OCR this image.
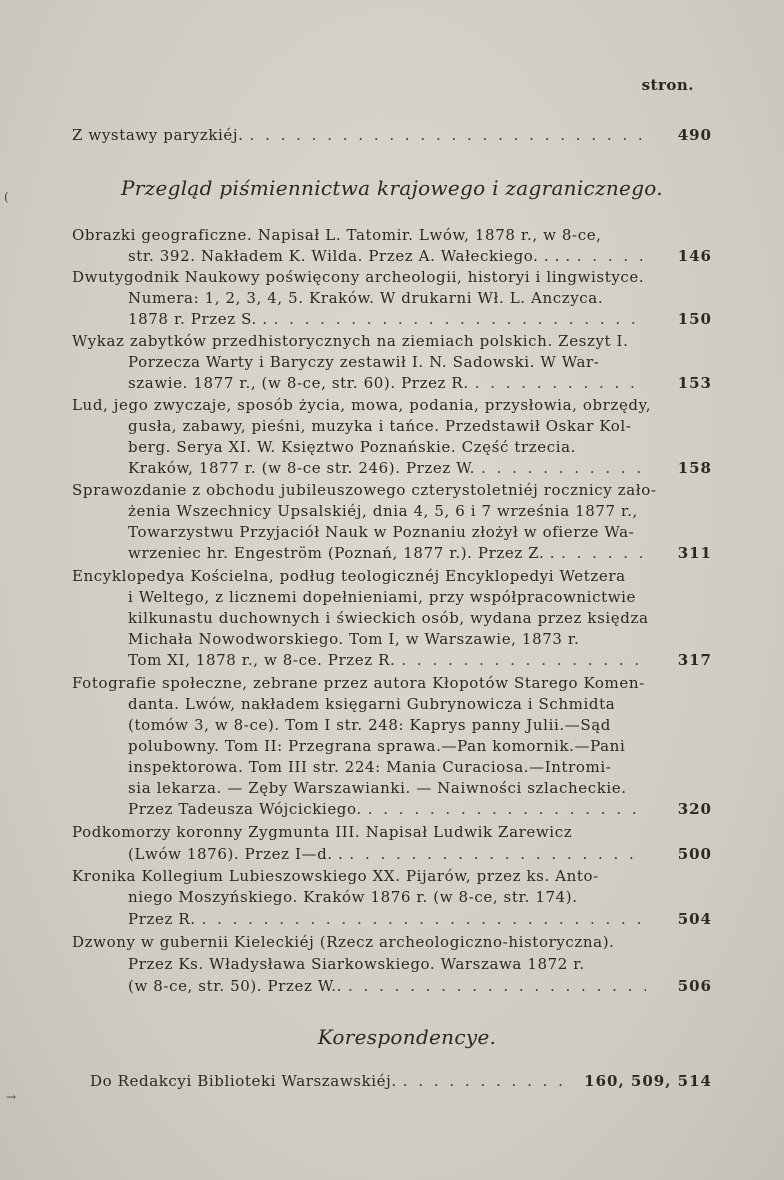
stron.
Z wystawy paryzkiéj. . . .	490
Przegląd piśmiennictwa krajowego i zagranicznego.
Obrazki geograficzne. Napisał L. Tatomir. Lwów, 1878 r., w 8-ce,
str. 392. Nakładem K. Wilda. Przez A. Wałeckiego. . . . . . .	146
Dwutygodnik Naukowy poświęcony archeologii, historyi i lingwistyce.
Numera: 1, 2, 3, 4, 5. Kraków. W drukarni Wł. L. Anczyca.
1878 r. Przez S. . . . .	150
Wykaz zabytków przedhistorycznych na ziemiach polskich. Zeszyt I.
Porzecza Warty i Baryczy zestawił I. N. Sadowski. W War-
szawie. 1877 r., (w 8-ce, str. 60). Przez R. . . .	153
Lud, jego zwyczaje, sposób życia, mowa, podania, przysłowia, obrzędy,
gusła, zabawy, pieśni, muzyka i tańce. Przedstawił Oskar Kol-
berg. Serya XI. W. Księztwo Poznańskie. Część trzecia.
Kraków, 1877 r. (w 8-ce str. 246). Przez W. . . .	158
Sprawozdanie z obchodu jubileuszowego czterystoletniéj rocznicy zało-
żenia Wszechnicy Upsalskiéj, dnia 4, 5, 6 i 7 września 1877 r.,
Towarzystwu Przyjaciół Nauk w Poznaniu złożył w ofierze Wa-
wrzeniec hr. Engeström (Poznań, 1877 r.). Przez Z. . . . .	311
Encyklopedya Kościelna, podług teologicznéj Encyklopedyi Wetzera
i Weltego, z licznemi dopełnieniami, przy współpracownictwie
kilkunastu duchownych i świeckich osób, wydana przez księdza
Michała Nowodworskiego. Tom I, w Warszawie, 1873 r.
Tom XI, 1878 r., w 8-ce. Przez R. . . .	317
Fotografie społeczne, zebrane przez autora Kłopotów Starego Komen-
danta. Lwów, nakładem księgarni Gubrynowicza i Schmidta
(tomów 3, w 8-ce). Tom I str. 248: Kaprys panny Julii.—Sąd
polubowny. Tom II: Przegrana sprawa.—Pan komornik.—Pani
inspektorowa. Tom III str. 224: Mania Curaciosa.—Intromi-
sia lekarza. — Zęby Warszawianki. — Naiwności szlacheckie.
Przez Tadeusza Wójcickiego. . . .	320
Podkomorzy koronny Zygmunta III. Napisał Ludwik Zarewicz
(Lwów 1876). Przez I—d. . . . .	500
Kronika Kollegium Lubieszowskiego XX. Pijarów, przez ks. Anto-
niego Moszyńskiego. Kraków 1876 r. (w 8-ce, str. 174).
Przez R. . . .	504
Dzwony w gubernii Kieleckiéj (Rzecz archeologiczno-historyczna).
Przez Ks. Władysława Siarkowskiego. Warszawa 1872 r.
(w 8-ce, str. 50). Przez W.. . . .	506
Korespondencye.
Do Redakcyi Biblioteki Warszawskiéj. . . .	160, 509, 514
(
→
